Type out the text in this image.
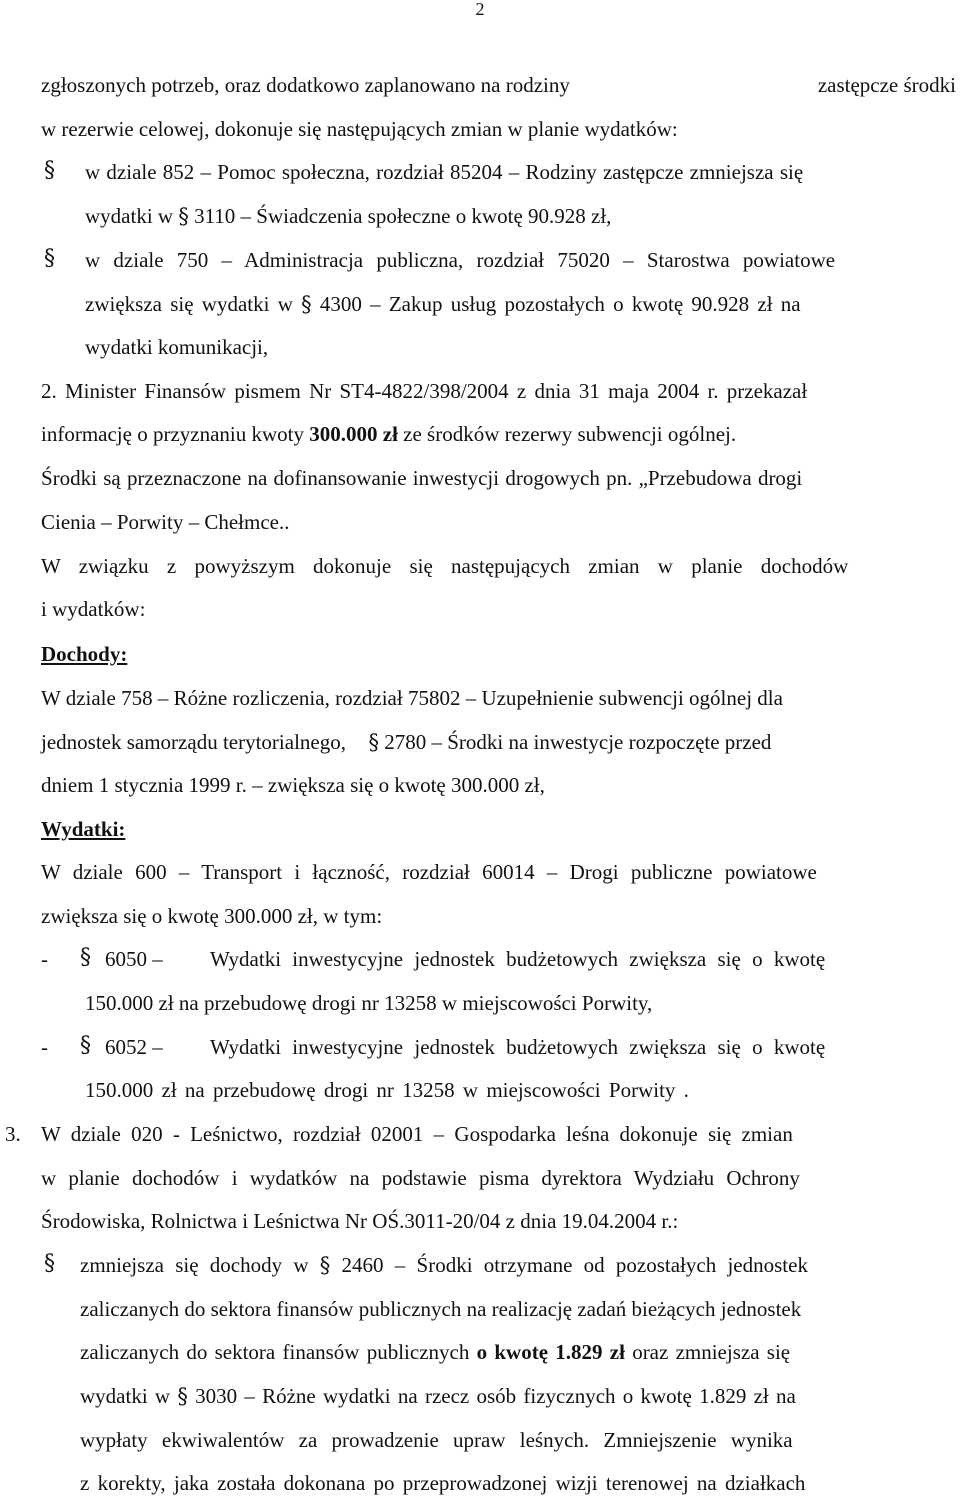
2
zgłoszonych potrzeb, oraz dodatkowo zaplanowano na rodziny	zastępcze środki
w rezerwie celowej, dokonuje się następujących zmian w planie wydatków:
§ w dziale 852 – Pomoc społeczna, rozdział 85204 – Rodziny zastępcze zmniejsza się
wydatki w § 3110 – Świadczenia społeczne o kwotę 90.928 zł,
§ w dziale 750 – Administracja publiczna, rozdział 75020 – Starostwa powiatowe
zwiększa się wydatki w § 4300 – Zakup usług pozostałych o kwotę 90.928 zł na
wydatki komunikacji,
2. Minister Finansów pismem Nr ST4-4822/398/2004 z dnia 31 maja 2004 r. przekazał
informację o przyznaniu kwoty 300.000 zł ze środków rezerwy subwencji ogólnej.
Środki są przeznaczone na dofinansowanie inwestycji drogowych pn. „Przebudowa drogi
Cienia – Porwity – Chełmce..
W związku z powyższym dokonuje się następujących zmian w planie dochodów
i wydatków:
Dochody:
W dziale 758 – Różne rozliczenia, rozdział 75802 – Uzupełnienie subwencji ogólnej dla
jednostek samorządu terytorialnego, § 2780 – Środki na inwestycje rozpoczęte przed
dniem 1 stycznia 1999 r. – zwiększa się o kwotę 300.000 zł,
Wydatki:
W dziale 600 – Transport i łączność, rozdział 60014 – Drogi publiczne powiatowe
zwiększa się o kwotę 300.000 zł, w tym:
- § 6050 – Wydatki inwestycyjne jednostek budżetowych zwiększa się o kwotę
150.000 zł na przebudowę drogi nr 13258 w miejscowości Porwity,
- § 6052 – Wydatki inwestycyjne jednostek budżetowych zwiększa się o kwotę
150.000 zł na przebudowę drogi nr 13258 w miejscowości Porwity .
3. W dziale 020 - Leśnictwo, rozdział 02001 – Gospodarka leśna dokonuje się zmian
w planie dochodów i wydatków na podstawie pisma dyrektora Wydziału Ochrony
Środowiska, Rolnictwa i Leśnictwa Nr OŚ.3011-20/04 z dnia 19.04.2004 r.:
§ zmniejsza się dochody w § 2460 – Środki otrzymane od pozostałych jednostek
zaliczanych do sektora finansów publicznych na realizację zadań bieżących jednostek
zaliczanych do sektora finansów publicznych o kwotę 1.829 zł oraz zmniejsza się
wydatki w § 3030 – Różne wydatki na rzecz osób fizycznych o kwotę 1.829 zł na
wypłaty ekwiwalentów za prowadzenie upraw leśnych. Zmniejszenie wynika
z korekty, jaka została dokonana po przeprowadzonej wizji terenowej na działkach
